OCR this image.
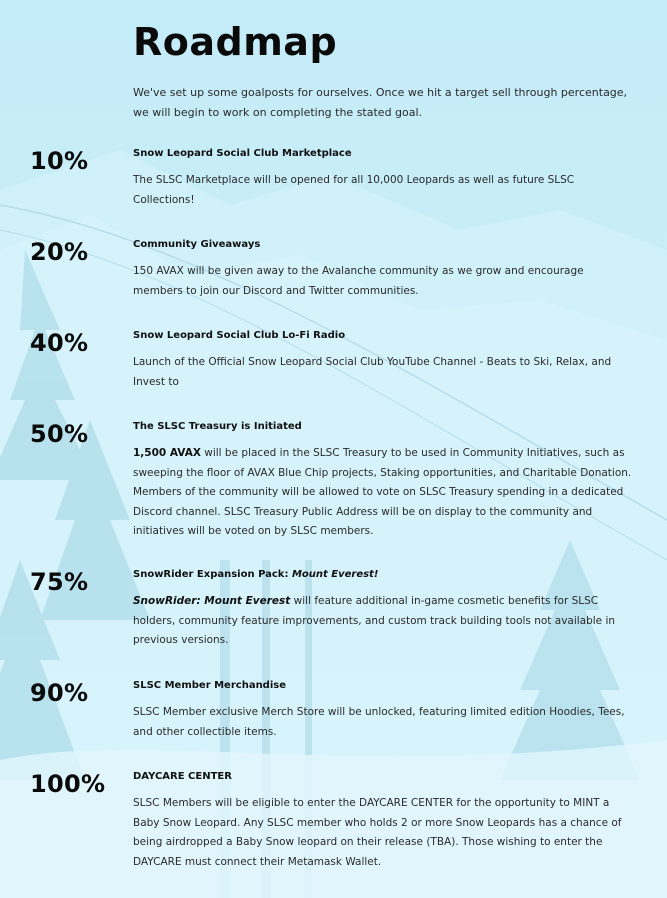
Roadmap

We've set up some goalposts for ourselves. Once we hit a target sell through percentage, we will begin to work on completing the stated goal.

10%	Snow Leopard Social Club Marketplace

The SLSC Marketplace will be opened for all 10,000 Leopards as well as future SLSC Collections!

20%	Community Giveaways

150 AVAX will be given away to the Avalanche community as we grow and encourage members to join our Discord and Twitter communities.

40%	Snow Leopard Social Club Lo-Fi Radio

Launch of the Official Snow Leopard Social Club YouTube Channel - Beats to Ski, Relax, and Invest to

50%	The SLSC Treasury is Initiated

1,500 AVAX will be placed in the SLSC Treasury to be used in Community Initiatives, such as sweeping the floor of AVAX Blue Chip projects, Staking opportunities, and Charitable Donation. Members of the community will be allowed to vote on SLSC Treasury spending in a dedicated Discord channel. SLSC Treasury Public Address will be on display to the community and initiatives will be voted on by SLSC members.

75%	SnowRider Expansion Pack: Mount Everest!

SnowRider: Mount Everest will feature additional in-game cosmetic benefits for SLSC holders, community feature improvements, and custom track building tools not available in previous versions.

90%	SLSC Member Merchandise

SLSC Member exclusive Merch Store will be unlocked, featuring limited edition Hoodies, Tees, and other collectible items.

100%	DAYCARE CENTER

SLSC Members will be eligible to enter the DAYCARE CENTER for the opportunity to MINT a Baby Snow Leopard. Any SLSC member who holds 2 or more Snow Leopards has a chance of being airdropped a Baby Snow leopard on their release (TBA). Those wishing to enter the DAYCARE must connect their Metamask Wallet.
